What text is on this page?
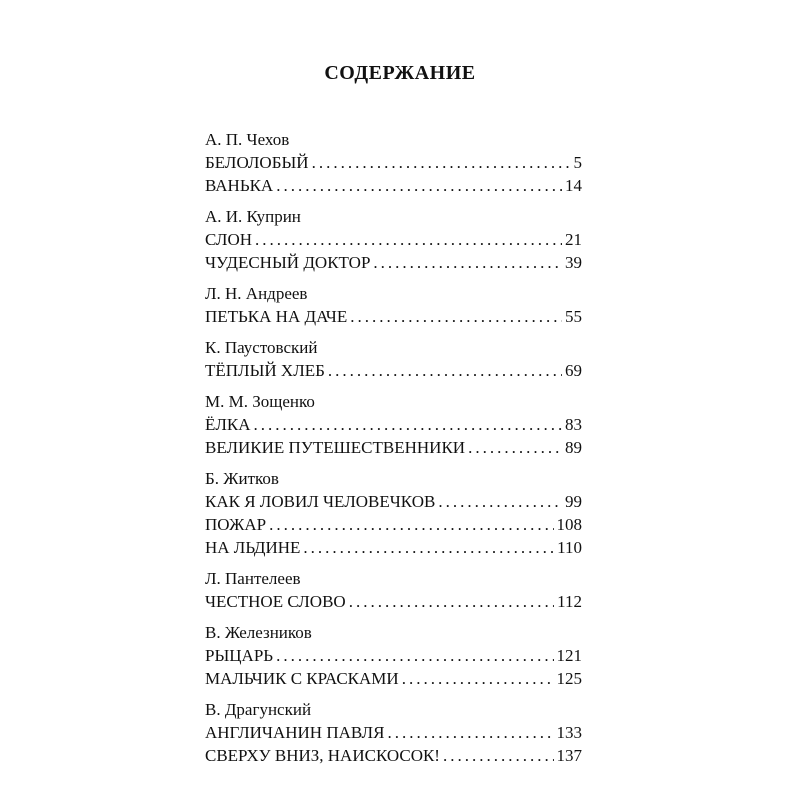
СОДЕРЖАНИЕ
А. П. Чехов
БЕЛОЛОБЫЙ .....	5
ВАНЬКА .....	14
А. И. Куприн
СЛОН .....	21
ЧУДЕСНЫЙ ДОКТОР .....	39
Л. Н. Андреев
ПЕТЬКА НА ДАЧЕ .....	55
К. Паустовский
ТЁПЛЫЙ ХЛЕБ .....	69
М. М. Зощенко
ЁЛКА .....	83
ВЕЛИКИЕ ПУТЕШЕСТВЕННИКИ .....	89
Б. Житков
КАК Я ЛОВИЛ ЧЕЛОВЕЧКОВ .....	99
ПОЖАР .....	108
НА ЛЬДИНЕ .....	110
Л. Пантелеев
ЧЕСТНОЕ СЛОВО .....	112
В. Железников
РЫЦАРЬ .....	121
МАЛЬЧИК С КРАСКАМИ .....	125
В. Драгунский
АНГЛИЧАНИН ПАВЛЯ .....	133
СВЕРХУ ВНИЗ, НАИСКОСОК! .....	137
